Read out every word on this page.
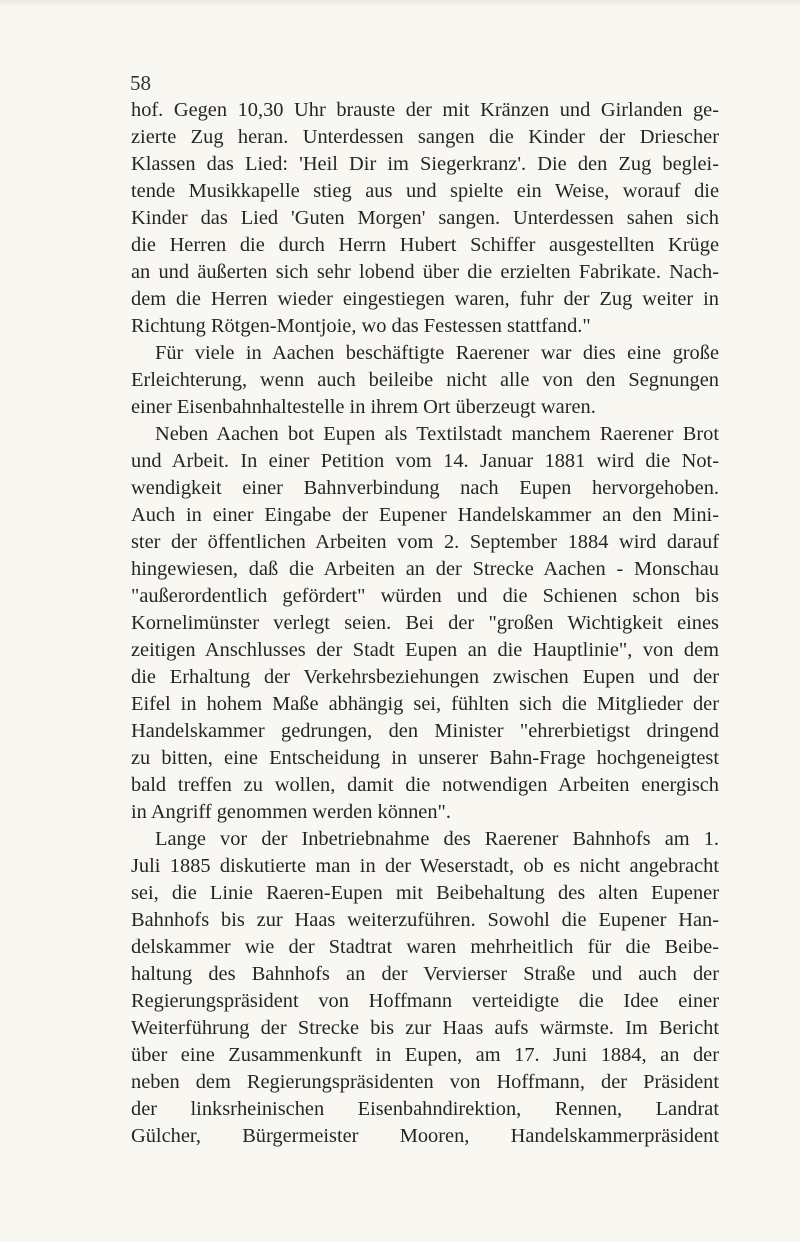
58

hof. Gegen 10,30 Uhr brauste der mit Kränzen und Girlanden ge-
zierte Zug heran. Unterdessen sangen die Kinder der Driescher
Klassen das Lied: 'Heil Dir im Siegerkranz'. Die den Zug beglei-
tende Musikkapelle stieg aus und spielte ein Weise, worauf die
Kinder das Lied 'Guten Morgen' sangen. Unterdessen sahen sich
die Herren die durch Herrn Hubert Schiffer ausgestellten Krüge
an und äußerten sich sehr lobend über die erzielten Fabrikate. Nach-
dem die Herren wieder eingestiegen waren, fuhr der Zug weiter in
Richtung Rötgen-Montjoie, wo das Festessen stattfand."

Für viele in Aachen beschäftigte Raerener war dies eine große
Erleichterung, wenn auch beileibe nicht alle von den Segnungen
einer Eisenbahnhaltestelle in ihrem Ort überzeugt waren.

Neben Aachen bot Eupen als Textilstadt manchem Raerener Brot
und Arbeit. In einer Petition vom 14. Januar 1881 wird die Not-
wendigkeit einer Bahnverbindung nach Eupen hervorgehoben.
Auch in einer Eingabe der Eupener Handelskammer an den Mini-
ster der öffentlichen Arbeiten vom 2. September 1884 wird darauf
hingewiesen, daß die Arbeiten an der Strecke Aachen - Monschau
"außerordentlich gefördert" würden und die Schienen schon bis
Kornelimünster verlegt seien. Bei der "großen Wichtigkeit eines
zeitigen Anschlusses der Stadt Eupen an die Hauptlinie", von dem
die Erhaltung der Verkehrsbeziehungen zwischen Eupen und der
Eifel in hohem Maße abhängig sei, fühlten sich die Mitglieder der
Handelskammer gedrungen, den Minister "ehrerbietigst dringend
zu bitten, eine Entscheidung in unserer Bahn-Frage hochgeneigtest
bald treffen zu wollen, damit die notwendigen Arbeiten energisch
in Angriff genommen werden können".

Lange vor der Inbetriebnahme des Raerener Bahnhofs am 1.
Juli 1885 diskutierte man in der Weserstadt, ob es nicht angebracht
sei, die Linie Raeren-Eupen mit Beibehaltung des alten Eupener
Bahnhofs bis zur Haas weiterzuführen. Sowohl die Eupener Han-
delskammer wie der Stadtrat waren mehrheitlich für die Beibe-
haltung des Bahnhofs an der Vervierser Straße und auch der
Regierungspräsident von Hoffmann verteidigte die Idee einer
Weiterführung der Strecke bis zur Haas aufs wärmste. Im Bericht
über eine Zusammenkunft in Eupen, am 17. Juni 1884, an der
neben dem Regierungspräsidenten von Hoffmann, der Präsident
der linksrheinischen Eisenbahndirektion, Rennen, Landrat
Gülcher, Bürgermeister Mooren, Handelskammerpräsident
